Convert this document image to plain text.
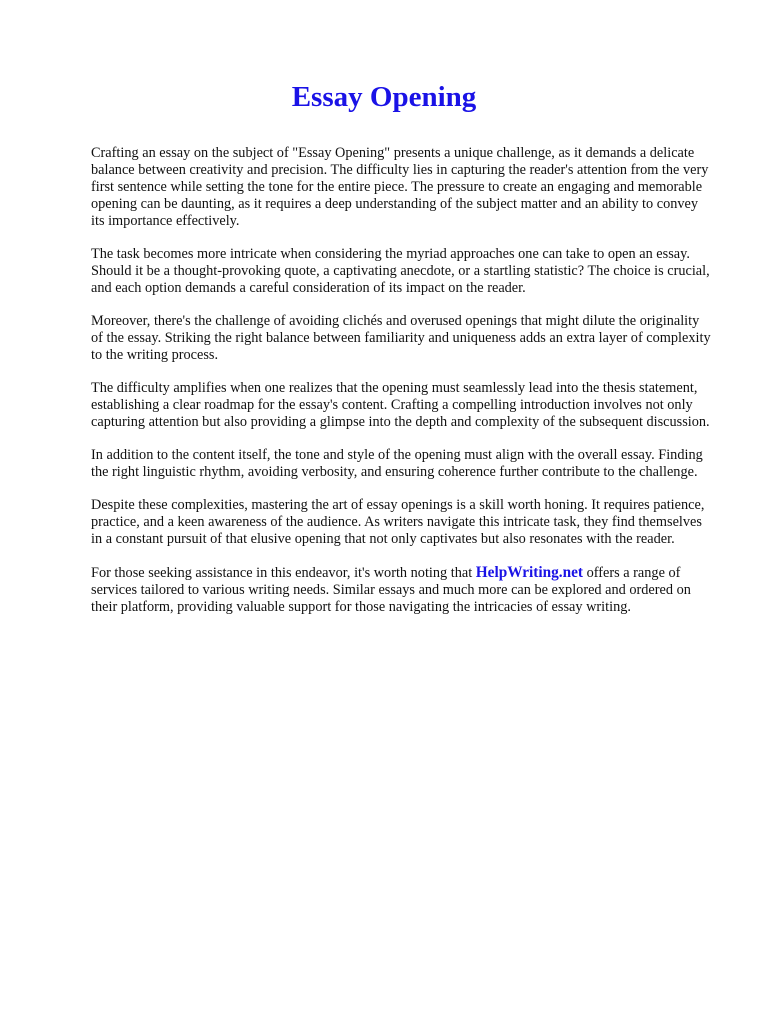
Essay Opening

Crafting an essay on the subject of "Essay Opening" presents a unique challenge, as it demands a delicate balance between creativity and precision. The difficulty lies in capturing the reader's attention from the very first sentence while setting the tone for the entire piece. The pressure to create an engaging and memorable opening can be daunting, as it requires a deep understanding of the subject matter and an ability to convey its importance effectively.

The task becomes more intricate when considering the myriad approaches one can take to open an essay. Should it be a thought-provoking quote, a captivating anecdote, or a startling statistic? The choice is crucial, and each option demands a careful consideration of its impact on the reader.

Moreover, there's the challenge of avoiding clichés and overused openings that might dilute the originality of the essay. Striking the right balance between familiarity and uniqueness adds an extra layer of complexity to the writing process.

The difficulty amplifies when one realizes that the opening must seamlessly lead into the thesis statement, establishing a clear roadmap for the essay's content. Crafting a compelling introduction involves not only capturing attention but also providing a glimpse into the depth and complexity of the subsequent discussion.

In addition to the content itself, the tone and style of the opening must align with the overall essay. Finding the right linguistic rhythm, avoiding verbosity, and ensuring coherence further contribute to the challenge.

Despite these complexities, mastering the art of essay openings is a skill worth honing. It requires patience, practice, and a keen awareness of the audience. As writers navigate this intricate task, they find themselves in a constant pursuit of that elusive opening that not only captivates but also resonates with the reader.

For those seeking assistance in this endeavor, it's worth noting that HelpWriting.net offers a range of services tailored to various writing needs. Similar essays and much more can be explored and ordered on their platform, providing valuable support for those navigating the intricacies of essay writing.
